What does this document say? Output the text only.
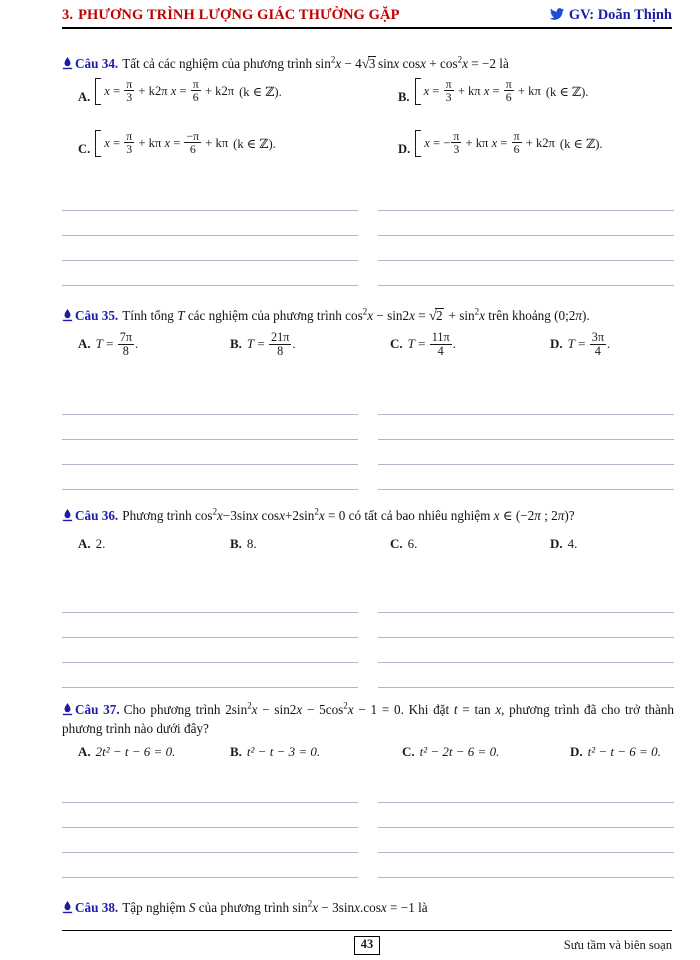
3. PHƯƠNG TRÌNH LƯỢNG GIÁC THƯỜNG GẶP	GV: Doãn Thịnh
Câu 34. Tất cả các nghiệm của phương trình $\sin^2x - 4$ √ 3 sinx $\cos x + \cos^2x = -2$ là
A. $x = \frac{\pi}{3} + k2\pi$ $x = \frac{\pi}{6} + k2\pi$ (k ∈ ℤ).	B. $x = \frac{\pi}{3} + k\pi$ $x = \frac{\pi}{6} + k\pi$ (k ∈ ℤ).
C. $x = \frac{\pi}{3} + k\pi$ $x = \frac{-\pi}{6} + k\pi$ (k ∈ ℤ).	D. x = − $\frac{\pi}{3} + k\pi$ $x = \frac{\pi}{6} + k2\pi$ (k ∈ ℤ).
Câu 35. Tính tổng T các nghiệm của phương trình $\cos^2x - \sin 2x$ = √ $2 + \sin^2x$ trên khoảng (0;2π).
A. $T = \frac{7\pi}{8}$ .	B. $T = \frac{21\pi}{8}$ .	C. $T = \frac{11\pi}{4}$ .	D. $T = \frac{3\pi}{4}$ .
Câu 36. Phương trình $\cos^2x-3\sin x$ $\cos x+2\sin^2x = 0$ có tất cả bao nhiêu nghiệm x ∈ (−2π ; 2π)?
A. 2.	B. 8.	C. 6.	D. 4.
Câu 37. Cho phương trình $2\sin^2x - \sin 2x - 5\cos^2x - 1 = 0$. Khi đặt t = tan x, phương trình đã cho trở thành phương trình nào dưới đây?
A. 2t² − t − 6 = 0.	B. t² − t − 3 = 0.	C. t² − 2t − 6 = 0.	D. t² − t − 6 = 0.
Câu 38. Tập nghiệm S của phương trình $\sin^2x - 3\sin x.\cos x = -1$ là
43	Sưu tầm và biên soạn
